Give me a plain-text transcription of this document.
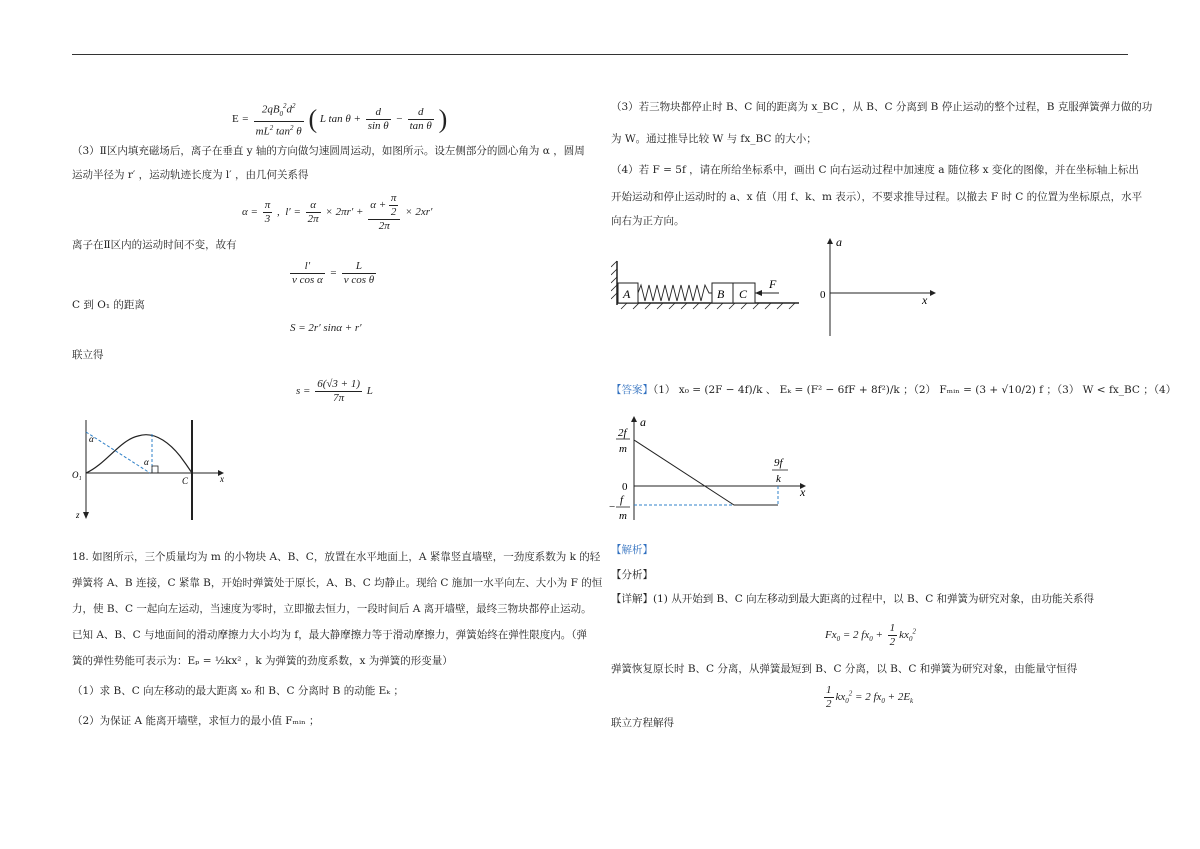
$E = \frac{2qB_0^2d^2}{mL^2 \tan^2 \theta}$ ( L $\tan \theta + \frac{d}{\text{sin θ}} - \frac{d}{\text{tan θ}}$ )
（3）Ⅱ区内填充磁场后，离子在垂直 y 轴的方向做匀速圆周运动，如图所示。设左侧部分的圆心角为 α ，圆周
运动半径为 r′ ，运动轨迹长度为 l′ ，由几何关系得
$\alpha = \frac{\pi}{3}$ ,  $l' = \frac{\alpha}{2\pi} \times 2\pi r' + \frac{\alpha + \frac{\pi}{2}}{2\pi} \times 2xr'$
离子在Ⅱ区内的运动时间不变，故有
$\frac{l'}{\text{v cos α}} = \frac{L}{\text{v cos θ}}$
C 到 O₁ 的距离
S = 2r′ sinα + r′
联立得
$s = \frac{6(√3 + 1)}{7\pi}$ L
α
α
O₁
C	x
z
18. 如图所示，三个质量均为 m 的小物块 A、B、C，放置在水平地面上，A 紧靠竖直墙壁，一劲度系数为 k 的轻
弹簧将 A、B 连接，C 紧靠 B，开始时弹簧处于原长，A、B、C 均静止。现给 C 施加一水平向左、大小为 F 的恒
力，使 B、C 一起向左运动，当速度为零时，立即撤去恒力，一段时间后 A 离开墙壁，最终三物块都停止运动。
已知 A、B、C 与地面间的滑动摩擦力大小均为 f，最大静摩擦力等于滑动摩擦力，弹簧始终在弹性限度内。（弹
簧的弹性势能可表示为：Eₚ = ½kx² ，k 为弹簧的劲度系数，x 为弹簧的形变量）
（1）求 B、C 向左移动的最大距离 x₀ 和 B、C 分离时 B 的动能 Eₖ ；
（2）为保证 A 能离开墙壁，求恒力的最小值 Fₘᵢₙ ；
（3）若三物块都停止时 B、C 间的距离为 x_BC ，从 B、C 分离到 B 停止运动的整个过程，B 克服弹簧弹力做的功
为 W。通过推导比较 W 与 fx_BC 的大小；
（4）若 F = 5f ，请在所给坐标系中，画出 C 向右运动过程中加速度 a 随位移 x 变化的图像，并在坐标轴上标出
开始运动和停止运动时的 a、x 值（用 f、k、m 表示），不要求推导过程。以撤去 F 时 C 的位置为坐标原点，水平
向右为正方向。
A	B C
F
a
0	x
【答案】（1） x₀ = (2F − 4f)/k 、 Eₖ = (F² − 6fF + 8f²)/k ；（2） Fₘᵢₙ = (3 + √10/2) f ；（3） W < fx_BC ；（4）
a
2f
m
0
9f
k
x
−
f
m
【解析】
【分析】
【详解】(1) 从开始到 B、C 向左移动到最大距离的过程中，以 B、C 和弹簧为研究对象，由功能关系得
$Fx_0 = 2$ $fx_0 + \frac{1}{2} kx_0^2$
弹簧恢复原长时 B、C 分离，从弹簧最短到 B、C 分离，以 B、C 和弹簧为研究对象，由能量守恒得
$\frac{1}{2} kx_0^2 = 2$ $fx_0 + 2E_k$
联立方程解得
